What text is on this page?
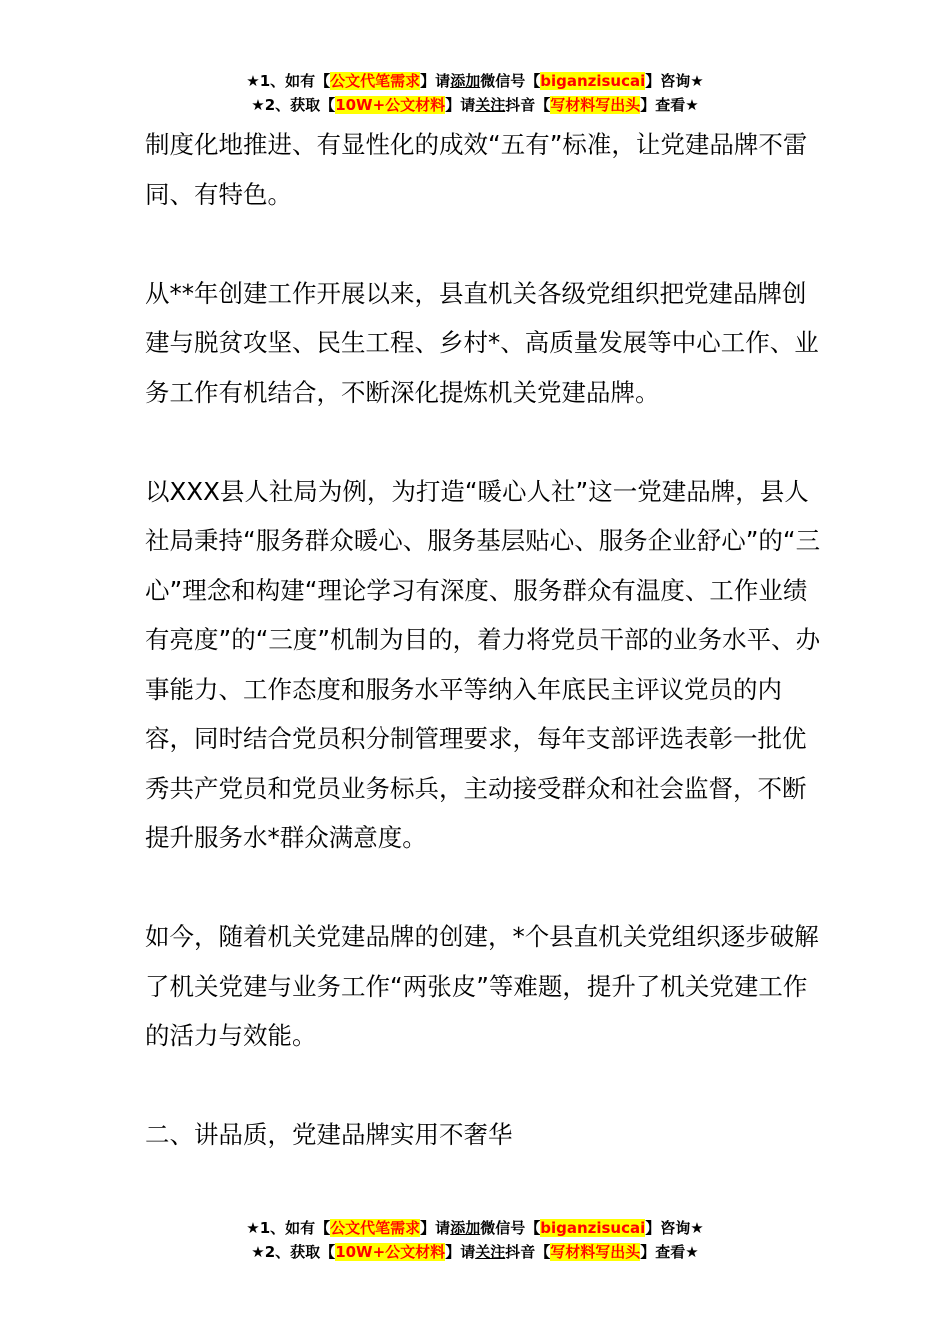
★1、如有【公文代笔需求】请添加微信号【biganzisucai】咨询★
★2、获取【10W+公文材料】请关注抖音【写材料写出头】查看★

制度化地推进、有显性化的成效“五有”标准，让党建品牌不雷同、有特色。

从**年创建工作开展以来，县直机关各级党组织把党建品牌创建与脱贫攻坚、民生工程、乡村*、高质量发展等中心工作、业务工作有机结合，不断深化提炼机关党建品牌。

以XXX县人社局为例，为打造“暖心人社”这一党建品牌，县人社局秉持“服务群众暖心、服务基层贴心、服务企业舒心”的“三心”理念和构建“理论学习有深度、服务群众有温度、工作业绩有亮度”的“三度”机制为目的，着力将党员干部的业务水平、办事能力、工作态度和服务水平等纳入年底民主评议党员的内容，同时结合党员积分制管理要求，每年支部评选表彰一批优秀共产党员和党员业务标兵，主动接受群众和社会监督，不断提升服务水*群众满意度。

如今，随着机关党建品牌的创建，*个县直机关党组织逐步破解了机关党建与业务工作“两张皮”等难题，提升了机关党建工作的活力与效能。

二、讲品质，党建品牌实用不奢华

★1、如有【公文代笔需求】请添加微信号【biganzisucai】咨询★
★2、获取【10W+公文材料】请关注抖音【写材料写出头】查看★
